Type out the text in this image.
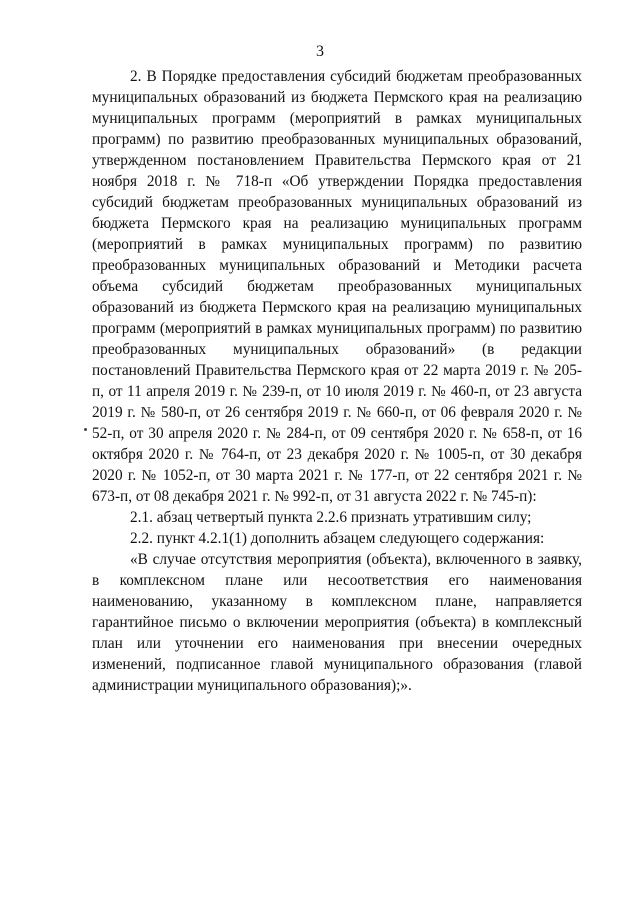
3

2. В Порядке предоставления субсидий бюджетам преобразованных муниципальных образований из бюджета Пермского края на реализацию муниципальных программ (мероприятий в рамках муниципальных программ) по развитию преобразованных муниципальных образований, утвержденном постановлением Правительства Пермского края от 21 ноября 2018 г. № 718-п «Об утверждении Порядка предоставления субсидий бюджетам преобразованных муниципальных образований из бюджета Пермского края на реализацию муниципальных программ (мероприятий в рамках муниципальных программ) по развитию преобразованных муниципальных образований и Методики расчета объема субсидий бюджетам преобразованных муниципальных образований из бюджета Пермского края на реализацию муниципальных программ (мероприятий в рамках муниципальных программ) по развитию преобразованных муниципальных образований» (в редакции постановлений Правительства Пермского края от 22 марта 2019 г. № 205-п, от 11 апреля 2019 г. № 239-п, от 10 июля 2019 г. № 460-п, от 23 августа 2019 г. № 580-п, от 26 сентября 2019 г. № 660-п, от 06 февраля 2020 г. № 52-п, от 30 апреля 2020 г. № 284-п, от 09 сентября 2020 г. № 658-п, от 16 октября 2020 г. № 764-п, от 23 декабря 2020 г. № 1005-п, от 30 декабря 2020 г. № 1052-п, от 30 марта 2021 г. № 177-п, от 22 сентября 2021 г. № 673-п, от 08 декабря 2021 г. № 992-п, от 31 августа 2022 г. № 745-п):

2.1. абзац четвертый пункта 2.2.6 признать утратившим силу;

2.2. пункт 4.2.1(1) дополнить абзацем следующего содержания:

«В случае отсутствия мероприятия (объекта), включенного в заявку, в комплексном плане или несоответствия его наименования наименованию, указанному в комплексном плане, направляется гарантийное письмо о включении мероприятия (объекта) в комплексный план или уточнении его наименования при внесении очередных изменений, подписанное главой муниципального образования (главой администрации муниципального образования);».
